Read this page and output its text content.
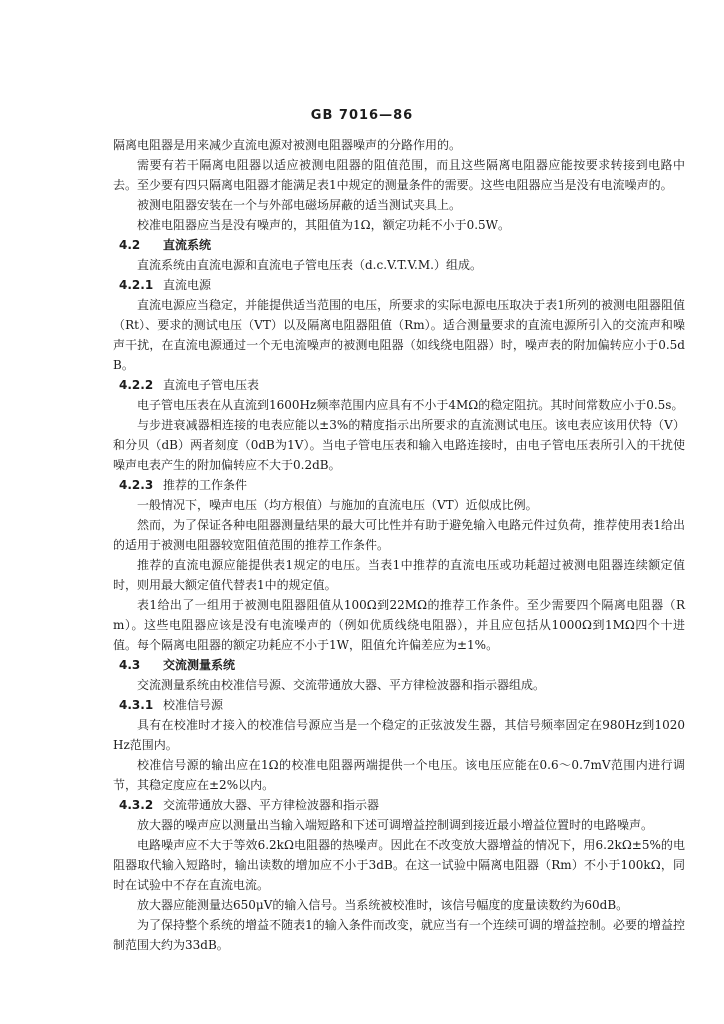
GB 7016—86

隔离电阻器是用来减少直流电源对被测电阻器噪声的分路作用的。

需要有若干隔离电阻器以适应被测电阻器的阻值范围，而且这些隔离电阻器应能按要求转接到电路中去。至少要有四只隔离电阻器才能满足表1中规定的测量条件的需要。这些电阻器应当是没有电流噪声的。

被测电阻器安装在一个与外部电磁场屏蔽的适当测试夹具上。

校准电阻器应当是没有噪声的，其阻值为1Ω，额定功耗不小于0.5W。

4.2 直流系统

直流系统由直流电源和直流电子管电压表（d.c.V.T.V.M.）组成。

4.2.1 直流电源

直流电源应当稳定，并能提供适当范围的电压，所要求的实际电源电压取决于表1所列的被测电阻器阻值（Rt）、要求的测试电压（VT）以及隔离电阻器阻值（Rm）。适合测量要求的直流电源所引入的交流声和噪声干扰，在直流电源通过一个无电流噪声的被测电阻器（如线绕电阻器）时，噪声表的附加偏转应小于0.5dB。

4.2.2 直流电子管电压表

电子管电压表在从直流到1600Hz频率范围内应具有不小于4MΩ的稳定阻抗。其时间常数应小于0.5s。

与步进衰减器相连接的电表应能以±3%的精度指示出所要求的直流测试电压。该电表应该用伏特（V）和分贝（dB）两者刻度（0dB为1V）。当电子管电压表和输入电路连接时，由电子管电压表所引入的干扰使噪声电表产生的附加偏转应不大于0.2dB。

4.2.3 推荐的工作条件

一般情况下，噪声电压（均方根值）与施加的直流电压（VT）近似成比例。

然而，为了保证各种电阻器测量结果的最大可比性并有助于避免输入电路元件过负荷，推荐使用表1给出的适用于被测电阻器较宽阻值范围的推荐工作条件。

推荐的直流电源应能提供表1规定的电压。当表1中推荐的直流电压或功耗超过被测电阻器连续额定值时，则用最大额定值代替表1中的规定值。

表1给出了一组用于被测电阻器阻值从100Ω到22MΩ的推荐工作条件。至少需要四个隔离电阻器（Rm）。这些电阻器应该是没有电流噪声的（例如优质线绕电阻器），并且应包括从1000Ω到1MΩ四个十进值。每个隔离电阻器的额定功耗应不小于1W，阻值允许偏差应为±1%。

4.3 交流测量系统

交流测量系统由校准信号源、交流带通放大器、平方律检波器和指示器组成。

4.3.1 校准信号源

具有在校准时才接入的校准信号源应当是一个稳定的正弦波发生器，其信号频率固定在980Hz到1020Hz范围内。

校准信号源的输出应在1Ω的校准电阻器两端提供一个电压。该电压应能在0.6～0.7mV范围内进行调节，其稳定度应在±2%以内。

4.3.2 交流带通放大器、平方律检波器和指示器

放大器的噪声应以测量出当输入端短路和下述可调增益控制调到接近最小增益位置时的电路噪声。

电路噪声应不大于等效6.2kΩ电阻器的热噪声。因此在不改变放大器增益的情况下，用6.2kΩ±5%的电阻器取代输入短路时，输出读数的增加应不小于3dB。在这一试验中隔离电阻器（Rm）不小于100kΩ，同时在试验中不存在直流电流。

放大器应能测量达650μV的输入信号。当系统被校准时，该信号幅度的度量读数约为60dB。

为了保持整个系统的增益不随表1的输入条件而改变，就应当有一个连续可调的增益控制。必要的增益控制范围大约为33dB。
